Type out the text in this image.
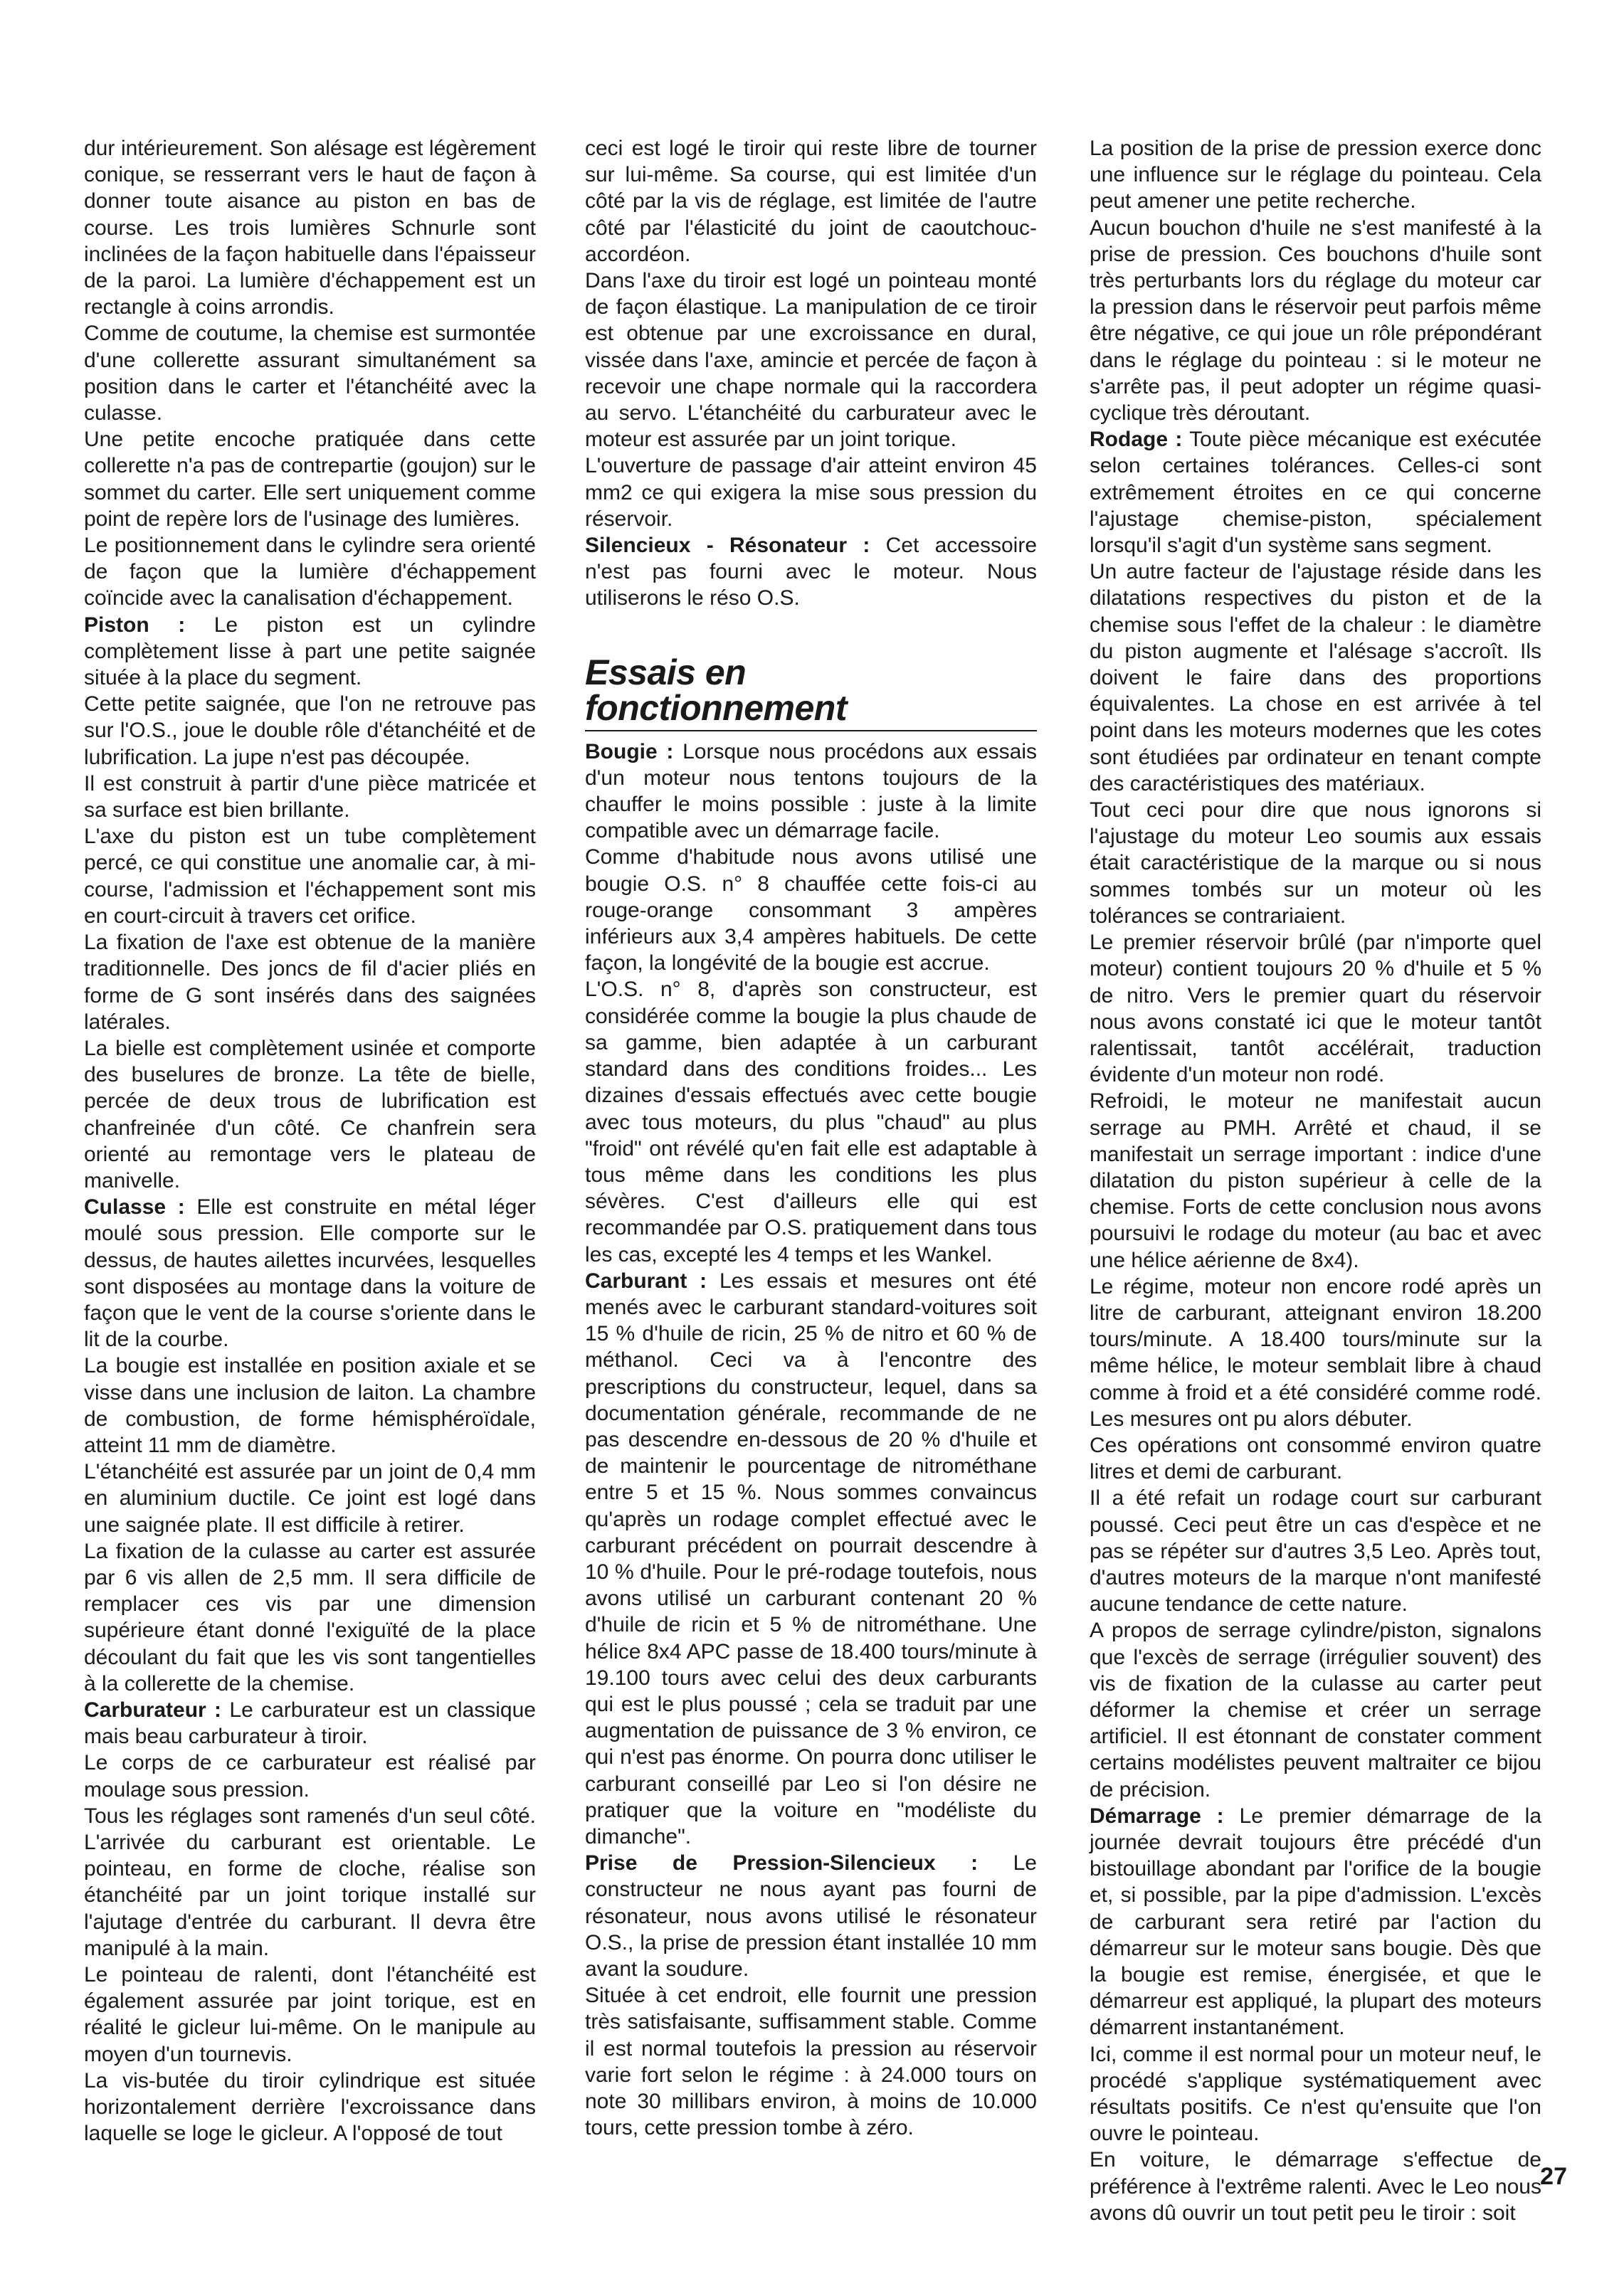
dur intérieurement. Son alésage est légèrement conique, se resserrant vers le haut de façon à donner toute aisance au piston en bas de course. Les trois lumières Schnurle sont inclinées de la façon habituelle dans l'épaisseur de la paroi. La lumière d'échappement est un rectangle à coins arrondis.

Comme de coutume, la chemise est surmontée d'une collerette assurant simultanément sa position dans le carter et l'étanchéité avec la culasse.

Une petite encoche pratiquée dans cette collerette n'a pas de contrepartie (goujon) sur le sommet du carter. Elle sert uniquement comme point de repère lors de l'usinage des lumières.

Le positionnement dans le cylindre sera orienté de façon que la lumière d'échappement coïncide avec la canalisation d'échappement.

Piston : Le piston est un cylindre complètement lisse à part une petite saignée située à la place du segment.

Cette petite saignée, que l'on ne retrouve pas sur l'O.S., joue le double rôle d'étanchéité et de lubrification. La jupe n'est pas découpée.

Il est construit à partir d'une pièce matricée et sa surface est bien brillante.

L'axe du piston est un tube complètement percé, ce qui constitue une anomalie car, à mi-course, l'admission et l'échappement sont mis en court-circuit à travers cet orifice.

La fixation de l'axe est obtenue de la manière traditionnelle. Des joncs de fil d'acier pliés en forme de G sont insérés dans des saignées latérales.

La bielle est complètement usinée et comporte des buselures de bronze. La tête de bielle, percée de deux trous de lubrification est chanfreinée d'un côté. Ce chanfrein sera orienté au remontage vers le plateau de manivelle.

Culasse : Elle est construite en métal léger moulé sous pression. Elle comporte sur le dessus, de hautes ailettes incurvées, lesquelles sont disposées au montage dans la voiture de façon que le vent de la course s'oriente dans le lit de la courbe.

La bougie est installée en position axiale et se visse dans une inclusion de laiton. La chambre de combustion, de forme hémisphéroïdale, atteint 11 mm de diamètre.

L'étanchéité est assurée par un joint de 0,4 mm en aluminium ductile. Ce joint est logé dans une saignée plate. Il est difficile à retirer.

La fixation de la culasse au carter est assurée par 6 vis allen de 2,5 mm. Il sera difficile de remplacer ces vis par une dimension supérieure étant donné l'exiguïté de la place découlant du fait que les vis sont tangentielles à la collerette de la chemise.

Carburateur : Le carburateur est un classique mais beau carburateur à tiroir.

Le corps de ce carburateur est réalisé par moulage sous pression.

Tous les réglages sont ramenés d'un seul côté. L'arrivée du carburant est orientable. Le pointeau, en forme de cloche, réalise son étanchéité par un joint torique installé sur l'ajutage d'entrée du carburant. Il devra être manipulé à la main.

Le pointeau de ralenti, dont l'étanchéité est également assurée par joint torique, est en réalité le gicleur lui-même. On le manipule au moyen d'un tournevis.

La vis-butée du tiroir cylindrique est située horizontalement derrière l'excroissance dans laquelle se loge le gicleur. A l'opposé de tout

ceci est logé le tiroir qui reste libre de tourner sur lui-même. Sa course, qui est limitée d'un côté par la vis de réglage, est limitée de l'autre côté par l'élasticité du joint de caoutchouc-accordéon.

Dans l'axe du tiroir est logé un pointeau monté de façon élastique. La manipulation de ce tiroir est obtenue par une excroissance en dural, vissée dans l'axe, amincie et percée de façon à recevoir une chape normale qui la raccordera au servo. L'étanchéité du carburateur avec le moteur est assurée par un joint torique.

L'ouverture de passage d'air atteint environ 45 mm2 ce qui exigera la mise sous pression du réservoir.

Silencieux - Résonateur : Cet accessoire n'est pas fourni avec le moteur. Nous utiliserons le réso O.S.

Essais en
fonctionnement

Bougie : Lorsque nous procédons aux essais d'un moteur nous tentons toujours de la chauffer le moins possible : juste à la limite compatible avec un démarrage facile.

Comme d'habitude nous avons utilisé une bougie O.S. n° 8 chauffée cette fois-ci au rouge-orange consommant 3 ampères inférieurs aux 3,4 ampères habituels. De cette façon, la longévité de la bougie est accrue.

L'O.S. n° 8, d'après son constructeur, est considérée comme la bougie la plus chaude de sa gamme, bien adaptée à un carburant standard dans des conditions froides... Les dizaines d'essais effectués avec cette bougie avec tous moteurs, du plus "chaud" au plus "froid" ont révélé qu'en fait elle est adaptable à tous même dans les conditions les plus sévères. C'est d'ailleurs elle qui est recommandée par O.S. pratiquement dans tous les cas, excepté les 4 temps et les Wankel.

Carburant : Les essais et mesures ont été menés avec le carburant standard-voitures soit 15 % d'huile de ricin, 25 % de nitro et 60 % de méthanol. Ceci va à l'encontre des prescriptions du constructeur, lequel, dans sa documentation générale, recommande de ne pas descendre en-dessous de 20 % d'huile et de maintenir le pourcentage de nitrométhane entre 5 et 15 %. Nous sommes convaincus qu'après un rodage complet effectué avec le carburant précédent on pourrait descendre à 10 % d'huile. Pour le pré-rodage toutefois, nous avons utilisé un carburant contenant 20 % d'huile de ricin et 5 % de nitrométhane. Une hélice 8x4 APC passe de 18.400 tours/minute à 19.100 tours avec celui des deux carburants qui est le plus poussé ; cela se traduit par une augmentation de puissance de 3 % environ, ce qui n'est pas énorme. On pourra donc utiliser le carburant conseillé par Leo si l'on désire ne pratiquer que la voiture en "modéliste du dimanche".

Prise de Pression-Silencieux : Le constructeur ne nous ayant pas fourni de résonateur, nous avons utilisé le résonateur O.S., la prise de pression étant installée 10 mm avant la soudure.

Située à cet endroit, elle fournit une pression très satisfaisante, suffisamment stable. Comme il est normal toutefois la pression au réservoir varie fort selon le régime : à 24.000 tours on note 30 millibars environ, à moins de 10.000 tours, cette pression tombe à zéro.

La position de la prise de pression exerce donc une influence sur le réglage du pointeau. Cela peut amener une petite recherche.

Aucun bouchon d'huile ne s'est manifesté à la prise de pression. Ces bouchons d'huile sont très perturbants lors du réglage du moteur car la pression dans le réservoir peut parfois même être négative, ce qui joue un rôle prépondérant dans le réglage du pointeau : si le moteur ne s'arrête pas, il peut adopter un régime quasi-cyclique très déroutant.

Rodage : Toute pièce mécanique est exécutée selon certaines tolérances. Celles-ci sont extrêmement étroites en ce qui concerne l'ajustage chemise-piston, spécialement lorsqu'il s'agit d'un système sans segment.

Un autre facteur de l'ajustage réside dans les dilatations respectives du piston et de la chemise sous l'effet de la chaleur : le diamètre du piston augmente et l'alésage s'accroît. Ils doivent le faire dans des proportions équivalentes. La chose en est arrivée à tel point dans les moteurs modernes que les cotes sont étudiées par ordinateur en tenant compte des caractéristiques des matériaux.

Tout ceci pour dire que nous ignorons si l'ajustage du moteur Leo soumis aux essais était caractéristique de la marque ou si nous sommes tombés sur un moteur où les tolérances se contrariaient.

Le premier réservoir brûlé (par n'importe quel moteur) contient toujours 20 % d'huile et 5 % de nitro. Vers le premier quart du réservoir nous avons constaté ici que le moteur tantôt ralentissait, tantôt accélérait, traduction évidente d'un moteur non rodé.

Refroidi, le moteur ne manifestait aucun serrage au PMH. Arrêté et chaud, il se manifestait un serrage important : indice d'une dilatation du piston supérieur à celle de la chemise. Forts de cette conclusion nous avons poursuivi le rodage du moteur (au bac et avec une hélice aérienne de 8x4).

Le régime, moteur non encore rodé après un litre de carburant, atteignant environ 18.200 tours/minute. A 18.400 tours/minute sur la même hélice, le moteur semblait libre à chaud comme à froid et a été considéré comme rodé. Les mesures ont pu alors débuter.

Ces opérations ont consommé environ quatre litres et demi de carburant.

Il a été refait un rodage court sur carburant poussé. Ceci peut être un cas d'espèce et ne pas se répéter sur d'autres 3,5 Leo. Après tout, d'autres moteurs de la marque n'ont manifesté aucune tendance de cette nature.

A propos de serrage cylindre/piston, signalons que l'excès de serrage (irrégulier souvent) des vis de fixation de la culasse au carter peut déformer la chemise et créer un serrage artificiel. Il est étonnant de constater comment certains modélistes peuvent maltraiter ce bijou de précision.

Démarrage : Le premier démarrage de la journée devrait toujours être précédé d'un bistouillage abondant par l'orifice de la bougie et, si possible, par la pipe d'admission. L'excès de carburant sera retiré par l'action du démarreur sur le moteur sans bougie. Dès que la bougie est remise, énergisée, et que le démarreur est appliqué, la plupart des moteurs démarrent instantanément.

Ici, comme il est normal pour un moteur neuf, le procédé s'applique systématiquement avec résultats positifs. Ce n'est qu'ensuite que l'on ouvre le pointeau.

En voiture, le démarrage s'effectue de préférence à l'extrême ralenti. Avec le Leo nous avons dû ouvrir un tout petit peu le tiroir : soit

27
